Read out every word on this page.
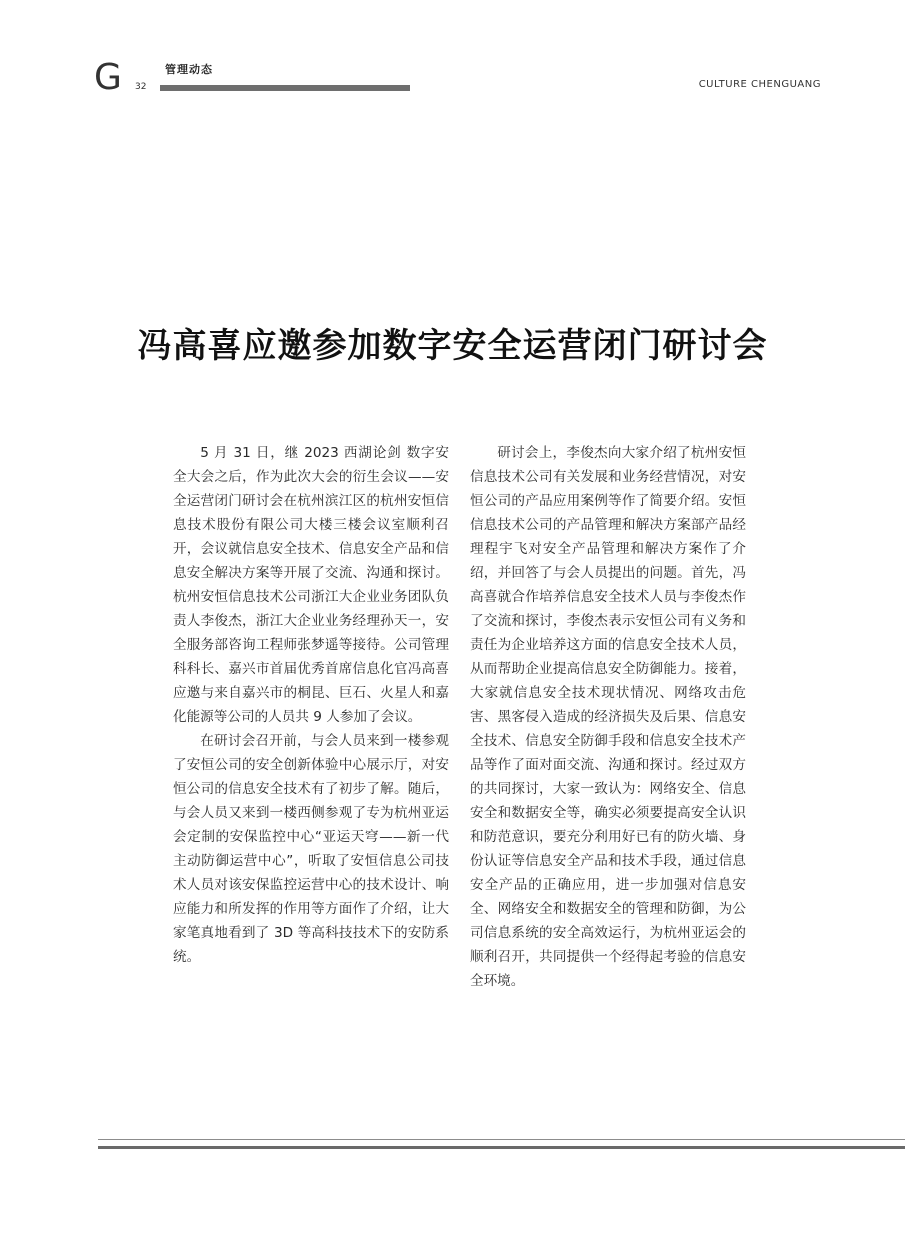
G 32
管理动态
CULTURE CHENGUANG
冯高喜应邀参加数字安全运营闭门研讨会

5 月 31 日，继 2023 西湖论剑 数字安全大会之后，作为此次大会的衍生会议——安全运营闭门研讨会在杭州滨江区的杭州安恒信息技术股份有限公司大楼三楼会议室顺利召开，会议就信息安全技术、信息安全产品和信息安全解决方案等开展了交流、沟通和探讨。杭州安恒信息技术公司浙江大企业业务团队负责人李俊杰，浙江大企业业务经理孙天一，安全服务部咨询工程师张梦遥等接待。公司管理科科长、嘉兴市首届优秀首席信息化官冯高喜应邀与来自嘉兴市的桐昆、巨石、火星人和嘉化能源等公司的人员共 9 人参加了会议。

在研讨会召开前，与会人员来到一楼参观了安恒公司的安全创新体验中心展示厅，对安恒公司的信息安全技术有了初步了解。随后，与会人员又来到一楼西侧参观了专为杭州亚运会定制的安保监控中心“亚运天穹——新一代主动防御运营中心”，听取了安恒信息公司技术人员对该安保监控运营中心的技术设计、响应能力和所发挥的作用等方面作了介绍，让大家笔真地看到了 3D 等高科技技术下的安防系统。

研讨会上，李俊杰向大家介绍了杭州安恒信息技术公司有关发展和业务经营情况，对安恒公司的产品应用案例等作了简要介绍。安恒信息技术公司的产品管理和解决方案部产品经理程宇飞对安全产品管理和解决方案作了介绍，并回答了与会人员提出的问题。首先，冯高喜就合作培养信息安全技术人员与李俊杰作了交流和探讨，李俊杰表示安恒公司有义务和责任为企业培养这方面的信息安全技术人员，从而帮助企业提高信息安全防御能力。接着，大家就信息安全技术现状情况、网络攻击危害、黑客侵入造成的经济损失及后果、信息安全技术、信息安全防御手段和信息安全技术产品等作了面对面交流、沟通和探讨。经过双方的共同探讨，大家一致认为：网络安全、信息安全和数据安全等，确实必须要提高安全认识和防范意识，要充分利用好已有的防火墙、身份认证等信息安全产品和技术手段，通过信息安全产品的正确应用，进一步加强对信息安全、网络安全和数据安全的管理和防御，为公司信息系统的安全高效运行，为杭州亚运会的顺利召开，共同提供一个经得起考验的信息安全环境。
